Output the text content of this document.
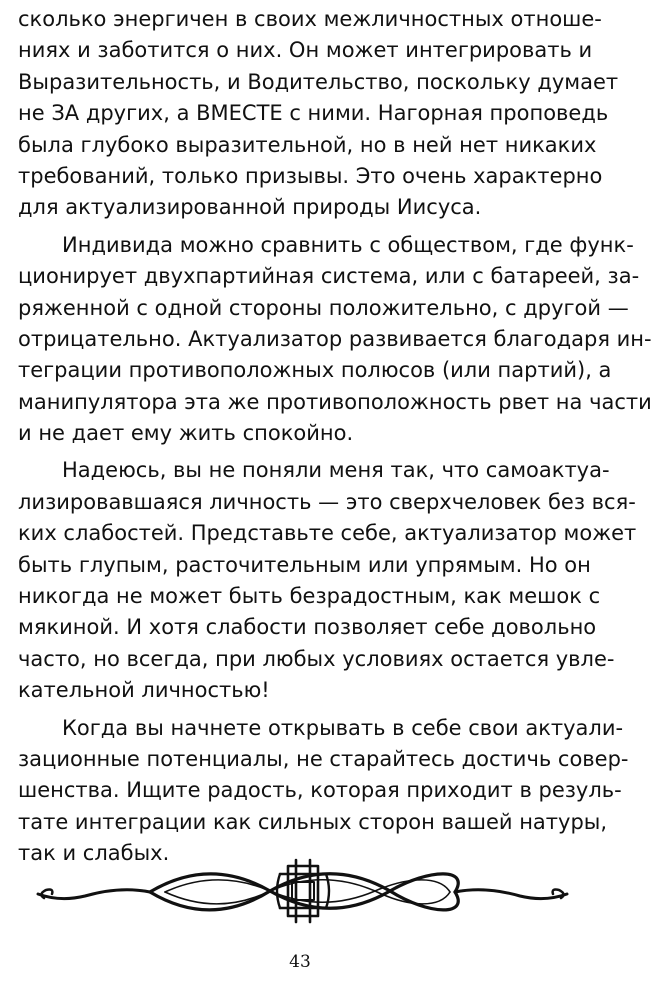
сколько энергичен в своих межличностных отноше-
ниях и заботится о них. Он может интегрировать и
Выразительность, и Водительство, поскольку думает
не ЗА других, а ВМЕСТЕ с ними. Нагорная проповедь
была глубоко выразительной, но в ней нет никаких
требований, только призывы. Это очень характерно
для актуализированной природы Иисуса.
Индивида можно сравнить с обществом, где функ-
ционирует двухпартийная система, или с батареей, за-
ряженной с одной стороны положительно, с другой —
отрицательно. Актуализатор развивается благодаря ин-
теграции противоположных полюсов (или партий), а
манипулятора эта же противоположность рвет на части
и не дает ему жить спокойно.
Надеюсь, вы не поняли меня так, что самоактуа-
лизировавшаяся личность — это сверхчеловек без вся-
ких слабостей. Представьте себе, актуализатор может
быть глупым, расточительным или упрямым. Но он
никогда не может быть безрадостным, как мешок с
мякиной. И хотя слабости позволяет себе довольно
часто, но всегда, при любых условиях остается увле-
кательной личностью!
Когда вы начнете открывать в себе свои актуали-
зационные потенциалы, не старайтесь достичь совер-
шенства. Ищите радость, которая приходит в резуль-
тате интеграции как сильных сторон вашей натуры,
так и слабых.
43
